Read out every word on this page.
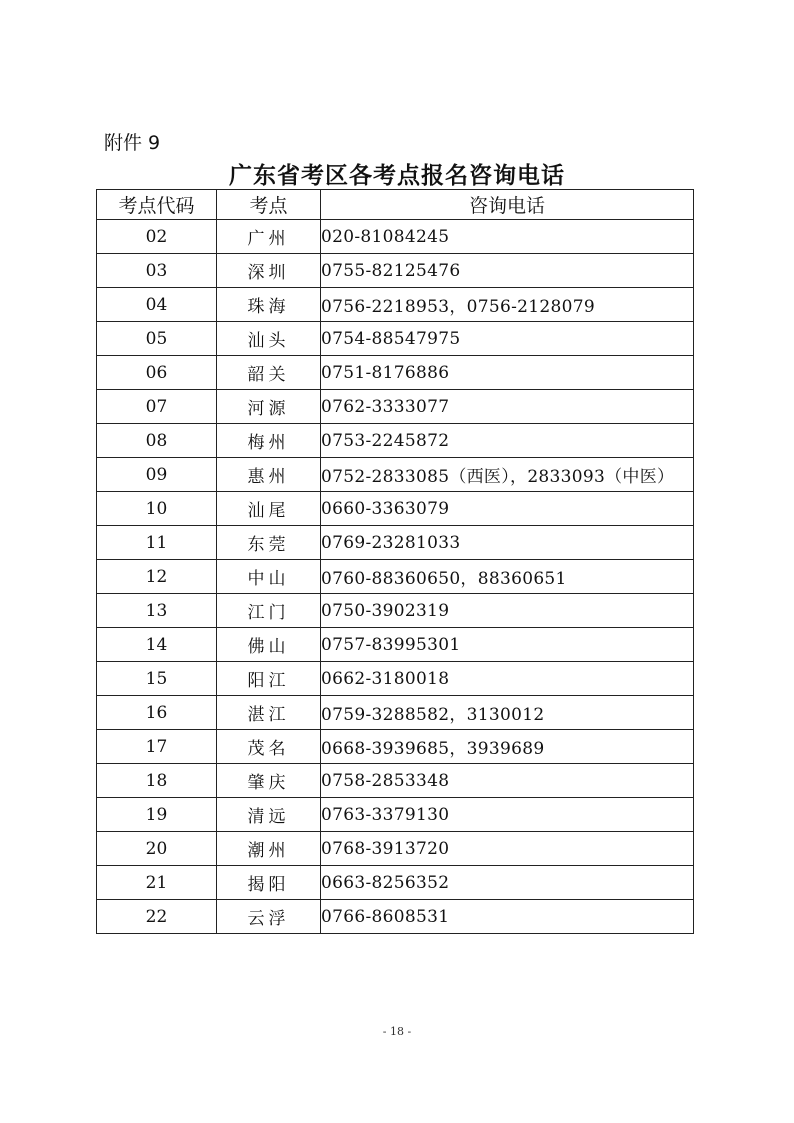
附件 9
广东省考区各考点报名咨询电话
考点代码	考点	咨询电话
02	广州	020-81084245
03	深圳	0755-82125476
04	珠海	0756-2218953，0756-2128079
05	汕头	0754-88547975
06	韶关	0751-8176886
07	河源	0762-3333077
08	梅州	0753-2245872
09	惠州	0752-2833085（西医），2833093（中医）
10	汕尾	0660-3363079
11	东莞	0769-23281033
12	中山	0760-88360650，88360651
13	江门	0750-3902319
14	佛山	0757-83995301
15	阳江	0662-3180018
16	湛江	0759-3288582，3130012
17	茂名	0668-3939685，3939689
18	肇庆	0758-2853348
19	清远	0763-3379130
20	潮州	0768-3913720
21	揭阳	0663-8256352
22	云浮	0766-8608531
- 18 -
